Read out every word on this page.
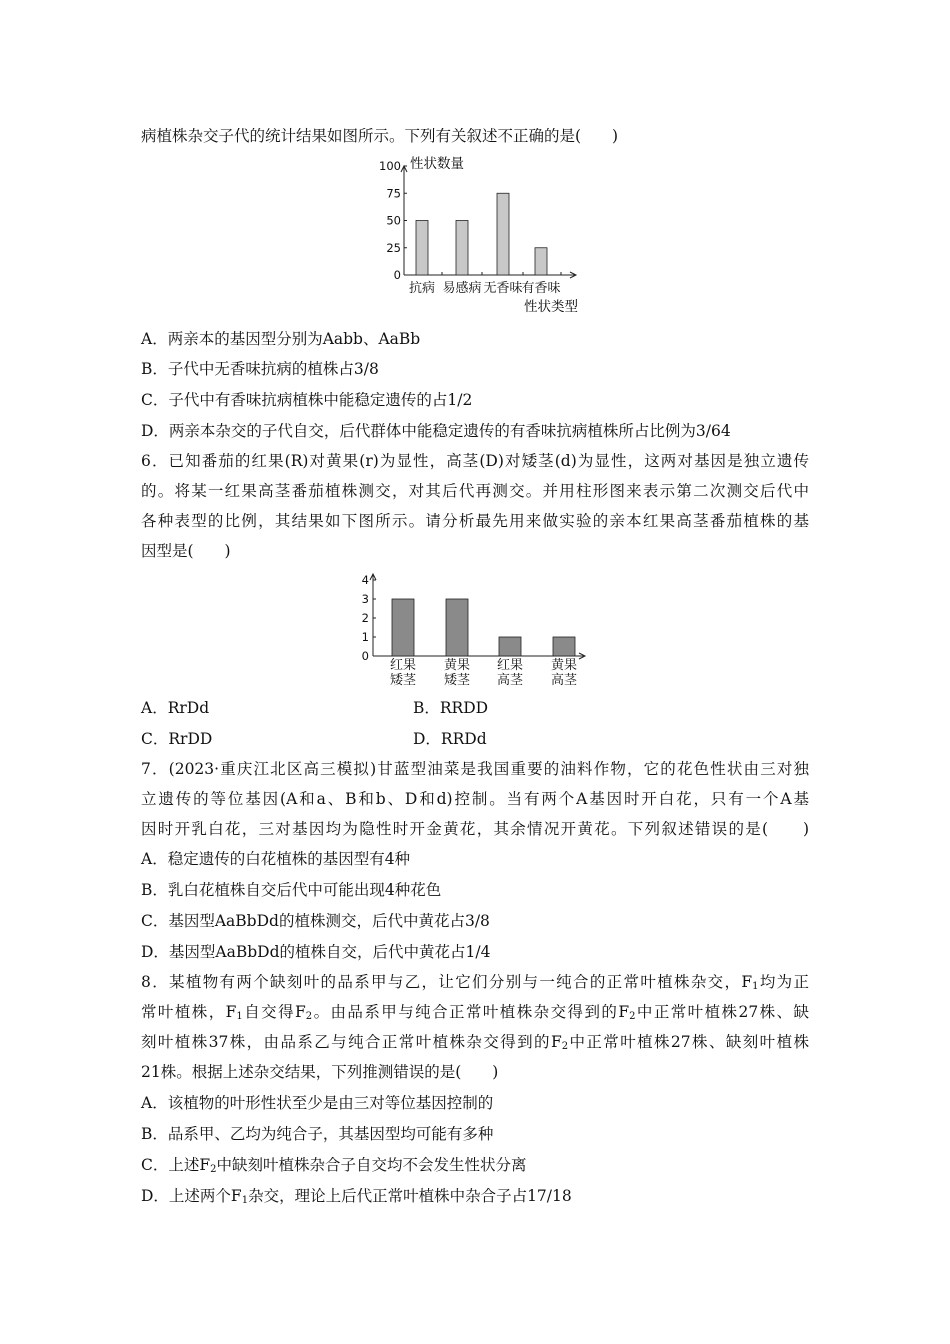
病植株杂交子代的统计结果如图所示。下列有关叙述不正确的是(　　)
性状数量
性状类型
0
25
50
75
100
抗病 易感病 无香味
有香味
A．两亲本的基因型分别为Aabb、AaBb
B．子代中无香味抗病的植株占3/8
C．子代中有香味抗病植株中能稳定遗传的占1/2
D．两亲本杂交的子代自交，后代群体中能稳定遗传的有香味抗病植株所占比例为3/64
6．已知番茄的红果(R)对黄果(r)为显性，高茎(D)对矮茎(d)为显性，这两对基因是独立遗传
的。将某一红果高茎番茄植株测交，对其后代再测交。并用柱形图来表示第二次测交后代中
各种表型的比例，其结果如下图所示。请分析最先用来做实验的亲本红果高茎番茄植株的基
因型是(　　)
0
1
2
3
4
红果
矮茎
黄果
矮茎
红果
高茎
黄果
高茎
A．RrDd	B．RRDD
C．RrDD	D．RRDd
7．(2023·重庆江北区高三模拟)甘蓝型油菜是我国重要的油料作物，它的花色性状由三对独
立遗传的等位基因(A和a、B和b、D和d)控制。当有两个A基因时开白花，只有一个A基
因时开乳白花，三对基因均为隐性时开金黄花，其余情况开黄花。下列叙述错误的是(　　)
A．稳定遗传的白花植株的基因型有4种
B．乳白花植株自交后代中可能出现4种花色
C．基因型AaBbDd的植株测交，后代中黄花占3/8
D．基因型AaBbDd的植株自交，后代中黄花占1/4
8．某植物有两个缺刻叶的品系甲与乙，让它们分别与一纯合的正常叶植株杂交，$F_1$均为正
常叶植株，$F_1$自交得$F_2$。由品系甲与纯合正常叶植株杂交得到的$F_2$中正常叶植株27株、缺
刻叶植株37株，由品系乙与纯合正常叶植株杂交得到的$F_2$中正常叶植株27株、缺刻叶植株
21株。根据上述杂交结果，下列推测错误的是(　　)
A．该植物的叶形性状至少是由三对等位基因控制的
B．品系甲、乙均为纯合子，其基因型均可能有多种
C．上述$F_2$中缺刻叶植株杂合子自交均不会发生性状分离
D．上述两个$F_1$杂交，理论上后代正常叶植株中杂合子占17/18
